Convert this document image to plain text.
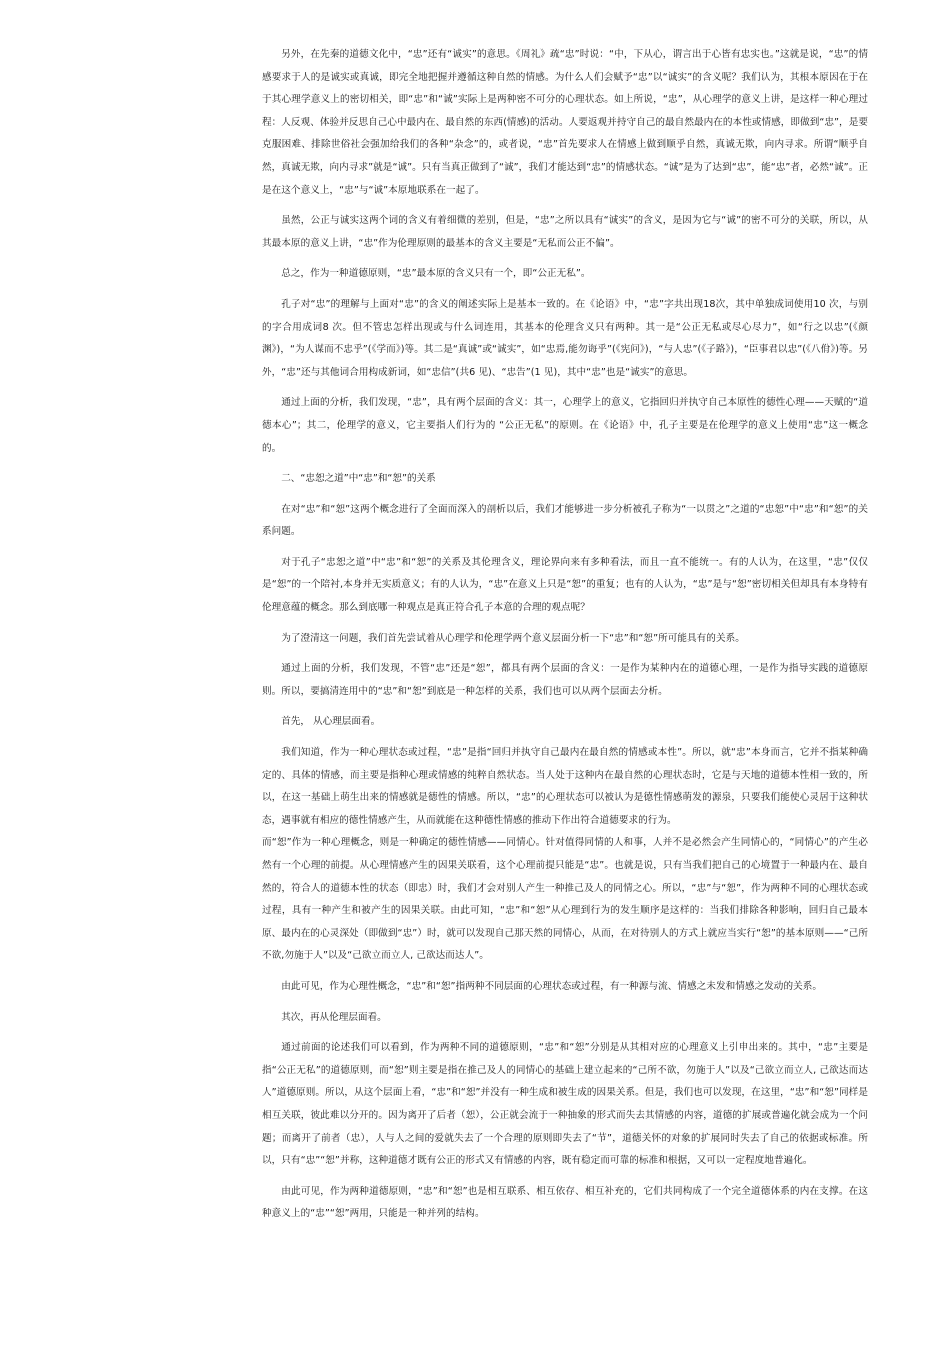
另外，在先秦的道德文化中，“忠”还有“诚实”的意思。《周礼》疏“忠”时说：“中，下从心，谓言出于心皆有忠实也。”这就是说，“忠”的情感要求于人的是诚实或真诚，即完全地把握并遵循这种自然的情感。为什么人们会赋予“忠”以“诚实”的含义呢？我们认为，其根本原因在于在于其心理学意义上的密切相关，即“忠”和“诚”实际上是两种密不可分的心理状态。如上所说，“忠”，从心理学的意义上讲，是这样一种心理过程：人反观、体验并反思自己心中最内在、最自然的东西(情感)的活动。人要返观并持守自己的最自然最内在的本性或情感，即做到“忠”，是要克服困难、排除世俗社会强加给我们的各种“杂念”的，或者说，“忠”首先要求人在情感上做到顺乎自然，真诚无欺，向内寻求。所谓“顺乎自然，真诚无欺，向内寻求”就是“诚”。只有当真正做到了“诚”，我们才能达到“忠”的情感状态。“诚”是为了达到“忠”，能“忠”者，必然“诚”。正是在这个意义上，“忠”与“诚”本原地联系在一起了。

虽然，公正与诚实这两个词的含义有着细微的差别，但是，“忠”之所以具有“诚实”的含义，是因为它与“诚”的密不可分的关联，所以，从其最本原的意义上讲，“忠”作为伦理原则的最基本的含义主要是“无私而公正不偏”。

总之，作为一种道德原则，“忠”最本原的含义只有一个，即“公正无私”。

孔子对“忠”的理解与上面对“忠”的含义的阐述实际上是基本一致的。在《论语》中，“忠”字共出现18次，其中单独成词使用10 次，与别的字合用成词8 次。但不管忠怎样出现或与什么词连用，其基本的伦理含义只有两种。其一是“公正无私或尽心尽力”，如“行之以忠”(《颜渊》)，“为人谋而不忠乎”(《学而》)等。其二是“真诚”或“诚实”，如“忠焉,能勿诲乎”(《宪问》)，“与人忠”(《子路》)，“臣事君以忠”(《八佾》)等。另外，“忠”还与其他词合用构成新词，如“忠信”(共6 见)、“忠告”(1 见)，其中“忠”也是“诚实”的意思。

通过上面的分析，我们发现，“忠”，具有两个层面的含义：其一，心理学上的意义，它指回归并执守自己本原性的德性心理——天赋的“道德本心”；其二，伦理学的意义，它主要指人们行为的 “公正无私”的原则。在《论语》中，孔子主要是在伦理学的意义上使用“忠”这一概念的。

二、“忠恕之道”中“忠”和“恕”的关系

在对“忠”和“恕”这两个概念进行了全面而深入的剖析以后，我们才能够进一步分析被孔子称为“一以贯之”之道的“忠恕”中“忠”和“恕”的关系问题。

对于孔子“忠恕之道”中“忠”和“恕”的关系及其伦理含义，理论界向来有多种看法，而且一直不能统一。有的人认为，在这里，“忠”仅仅是“恕”的一个陪衬,本身并无实质意义；有的人认为，“忠”在意义上只是“恕”的重复；也有的人认为，“忠”是与“恕”密切相关但却具有本身特有伦理意蕴的概念。那么到底哪一种观点是真正符合孔子本意的合理的观点呢？

为了澄清这一问题，我们首先尝试着从心理学和伦理学两个意义层面分析一下“忠”和“恕”所可能具有的关系。

通过上面的分析，我们发现，不管“忠”还是“恕”，都具有两个层面的含义：一是作为某种内在的道德心理，一是作为指导实践的道德原则。所以，要搞清连用中的“忠”和“恕”到底是一种怎样的关系，我们也可以从两个层面去分析。

首先， 从心理层面看。

我们知道，作为一种心理状态或过程，“忠”是指“回归并执守自己最内在最自然的情感或本性”。所以，就“忠”本身而言，它并不指某种确定的、具体的情感，而主要是指种心理或情感的纯粹自然状态。当人处于这种内在最自然的心理状态时，它是与天地的道德本性相一致的，所以，在这一基础上萌生出来的情感就是德性的情感。所以，“忠”的心理状态可以被认为是德性情感萌发的源泉，只要我们能使心灵居于这种状态，遇事就有相应的德性情感产生，从而就能在这种德性情感的推动下作出符合道德要求的行为。

而“恕”作为一种心理概念，则是一种确定的德性情感——同情心。针对值得同情的人和事，人并不是必然会产生同情心的，“同情心”的产生必然有一个心理的前提。从心理情感产生的因果关联看，这个心理前提只能是“忠”。也就是说，只有当我们把自己的心境置于一种最内在、最自然的，符合人的道德本性的状态（即忠）时，我们才会对别人产生一种推己及人的同情之心。所以，“忠”与“恕”，作为两种不同的心理状态或过程，具有一种产生和被产生的因果关联。由此可知，“忠”和“恕”从心理到行为的发生顺序是这样的：当我们排除各种影响，回归自己最本原、最内在的心灵深处（即做到“忠”）时，就可以发现自己那天然的同情心，从而，在对待别人的方式上就应当实行“恕”的基本原则——“己所不欲,勿施于人”以及“己欲立而立人, 己欲达而达人”。

由此可见，作为心理性概念，“忠”和“恕”指两种不同层面的心理状态或过程，有一种源与流、情感之未发和情感之发动的关系。

其次，再从伦理层面看。

通过前面的论述我们可以看到，作为两种不同的道德原则，“忠”和“恕”分别是从其相对应的心理意义上引申出来的。其中，“忠”主要是指“公正无私”的道德原则，而“恕”则主要是指在推己及人的同情心的基础上建立起来的“己所不欲，勿施于人”以及“己欲立而立人, 己欲达而达人”道德原则。所以，从这个层面上看，“忠”和“恕”并没有一种生成和被生成的因果关系。但是，我们也可以发现，在这里，“忠”和“恕”同样是相互关联，彼此难以分开的。因为离开了后者（恕），公正就会流于一种抽象的形式而失去其情感的内容，道德的扩展或普遍化就会成为一个问题；而离开了前者（忠），人与人之间的爱就失去了一个合理的原则即失去了“节”，道德关怀的对象的扩展同时失去了自己的依据或标准。所以，只有“忠”“恕”并称，这种道德才既有公正的形式又有情感的内容，既有稳定而可靠的标准和根据，又可以一定程度地普遍化。

由此可见，作为两种道德原则，“忠”和“恕”也是相互联系、相互依存、相互补充的，它们共同构成了一个完全道德体系的内在支撑。在这种意义上的“忠”“恕”两用，只能是一种并列的结构。
